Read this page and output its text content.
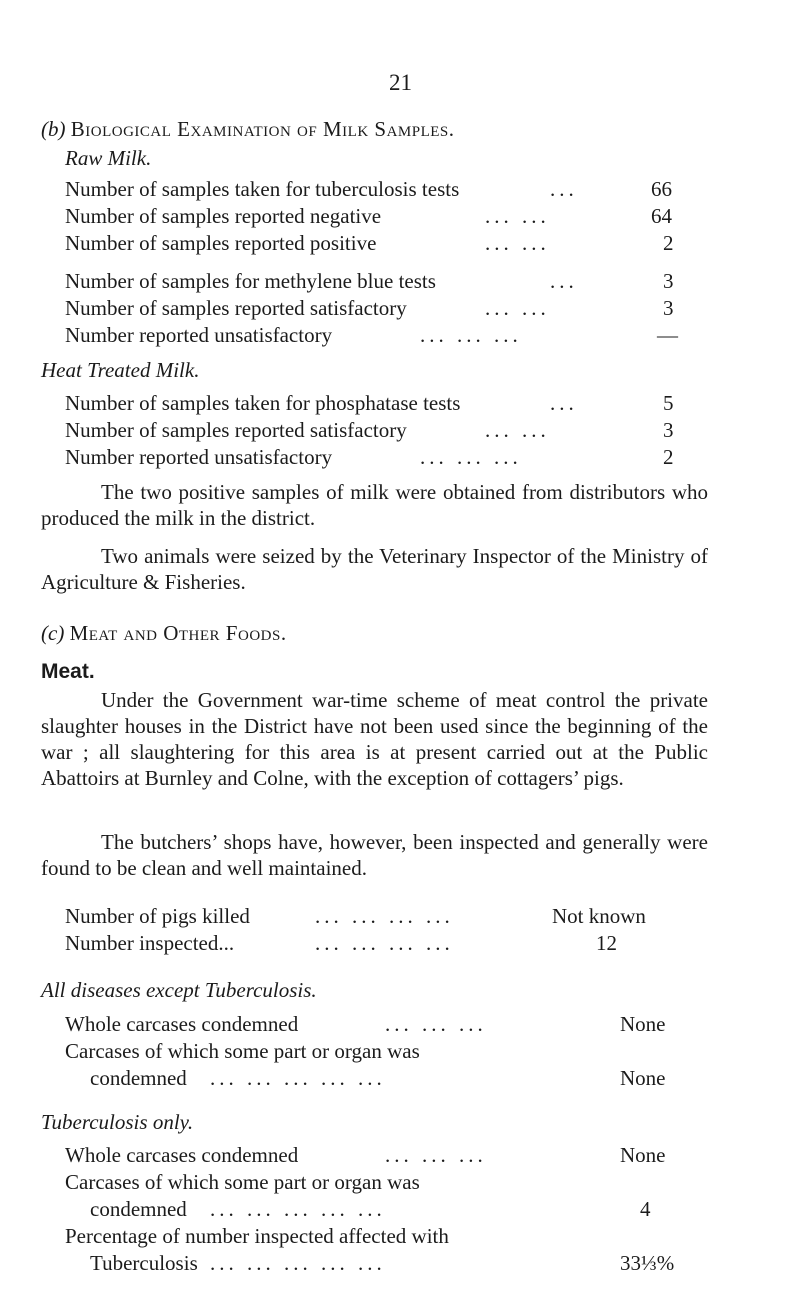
21
(b) Biological Examination of Milk Samples.
Raw Milk.
Number of samples taken for tuberculosis tests	...	66
Number of samples reported negative	... ...	64
Number of samples reported positive	... ...	2
Number of samples for methylene blue tests	...	3
Number of samples reported satisfactory	... ...	3
Number reported unsatisfactory	... ... ...	—
Heat Treated Milk.
Number of samples taken for phosphatase tests	...	5
Number of samples reported satisfactory	... ...	3
Number reported unsatisfactory	... ... ...	2
The two positive samples of milk were obtained from distributors who produced the milk in the district.
Two animals were seized by the Veterinary Inspector of the Ministry of Agriculture & Fisheries.
(c) Meat and Other Foods.
Meat.
Under the Government war-time scheme of meat control the private slaughter houses in the District have not been used since the beginning of the war ; all slaughtering for this area is at present carried out at the Public Abattoirs at Burnley and Colne, with the exception of cottagers’ pigs.
The butchers’ shops have, however, been inspected and generally were found to be clean and well maintained.
Number of pigs killed	... ... ... ...	Not known
Number inspected...	... ... ... ...	12
All diseases except Tuberculosis.
Whole carcases condemned	... ... ...	None
Carcases of which some part or organ was
condemned ... ... ... ... ...	None
Tuberculosis only.
Whole carcases condemned	... ... ...	None
Carcases of which some part or organ was
condemned ... ... ... ... ...	4
Percentage of number inspected affected with
Tuberculosis ... ... ... ... ...	33⅓%
